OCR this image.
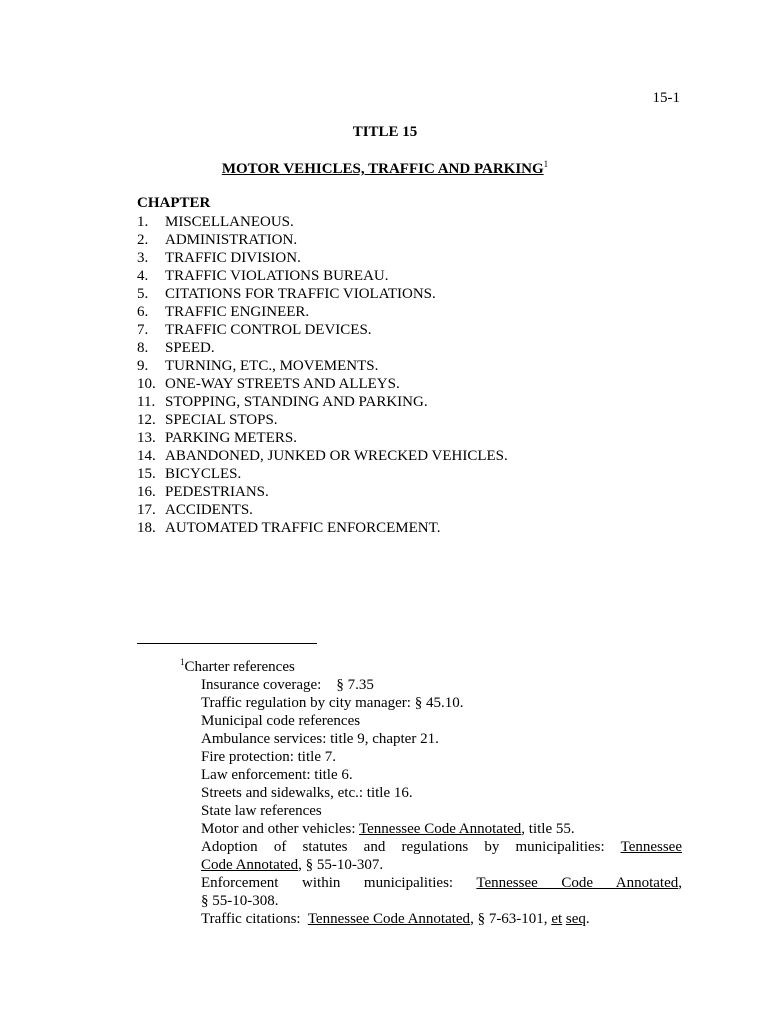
15-1
TITLE 15
MOTOR VEHICLES, TRAFFIC AND PARKING$^1$
CHAPTER
1.	MISCELLANEOUS.
2.	ADMINISTRATION.
3.	TRAFFIC DIVISION.
4.	TRAFFIC VIOLATIONS BUREAU.
5.	CITATIONS FOR TRAFFIC VIOLATIONS.
6.	TRAFFIC ENGINEER.
7.	TRAFFIC CONTROL DEVICES.
8.	SPEED.
9.	TURNING, ETC., MOVEMENTS.
10. ONE-WAY STREETS AND ALLEYS.
11. STOPPING, STANDING AND PARKING.
12. SPECIAL STOPS.
13. PARKING METERS.
14. ABANDONED, JUNKED OR WRECKED VEHICLES.
15. BICYCLES.
16. PEDESTRIANS.
17. ACCIDENTS.
18. AUTOMATED TRAFFIC ENFORCEMENT.
$^1$Charter references
Insurance coverage:    § 7.35
Traffic regulation by city manager: § 45.10.
Municipal code references
Ambulance services: title 9, chapter 21.
Fire protection: title 7.
Law enforcement: title 6.
Streets and sidewalks, etc.: title 16.
State law references
Motor and other vehicles: Tennessee Code Annotated, title 55.
Adoption of statutes and regulations by municipalities: Tennessee
Code Annotated, § 55-10-307.
Enforcement within municipalities: Tennessee Code Annotated,
§ 55-10-308.
Traffic citations:  Tennessee Code Annotated, § 7-63-101, et seq.
